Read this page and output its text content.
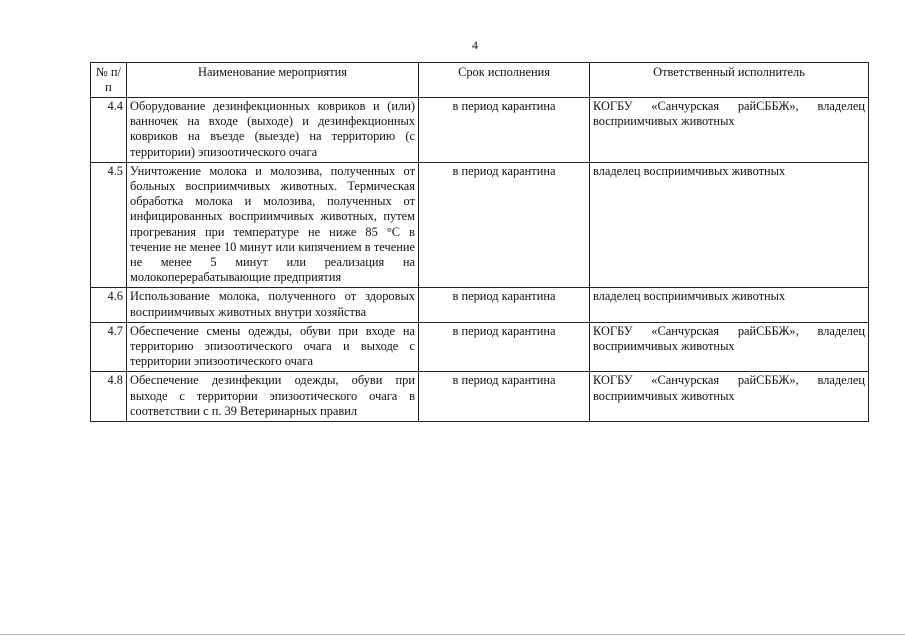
4
№ п/п	Наименование мероприятия	Срок исполнения	Ответственный исполнитель
4.4	Оборудование дезинфекционных ковриков и (или) ванночек на входе (выходе) и дезинфекционных ковриков на въезде (выезде) на территорию (с территории) эпизоотического очага	в период карантина	КОГБУ «Санчурская райСББЖ», владелец восприимчивых животных
4.5	Уничтожение молока и молозива, полученных от больных восприимчивых животных. Термическая обработка молока и молозива, полученных от инфицированных восприимчивых животных, путем прогревания при температуре не ниже 85 °С в течение не менее 10 минут или кипячением в течение не менее 5 минут или реализация на молокоперерабатывающие предприятия	в период карантина	владелец восприимчивых животных
4.6	Использование молока, полученного от здоровых восприимчивых животных внутри хозяйства	в период карантина	владелец восприимчивых животных
4.7	Обеспечение смены одежды, обуви при входе на территорию эпизоотического очага и выходе с территории эпизоотического очага	в период карантина	КОГБУ «Санчурская райСББЖ», владелец восприимчивых животных
4.8	Обеспечение дезинфекции одежды, обуви при выходе с территории эпизоотического очага в соответствии с п. 39 Ветеринарных правил	в период карантина	КОГБУ «Санчурская райСББЖ», владелец восприимчивых животных
